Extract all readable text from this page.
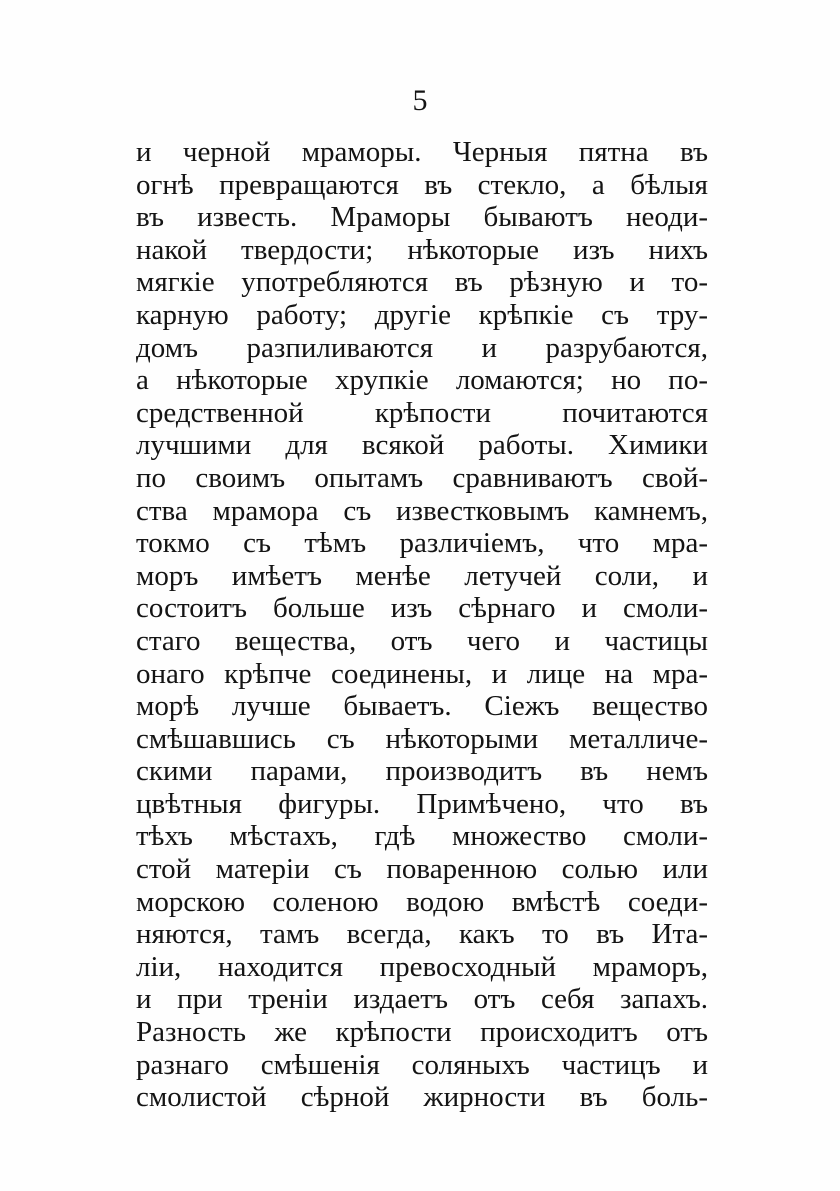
5
и черной мраморы. Черныя пятна въ
огнѣ превращаются въ стекло, а бѣлыя
въ известь. Мраморы бываютъ неоди-
накой твердости; нѣкоторые изъ нихъ
мягкіе употребляются въ рѣзную и то-
карную работу; другіе крѣпкіе съ тру-
домъ разпиливаются и разрубаются,
а нѣкоторые хрупкіе ломаются; но по-
средственной крѣпости почитаются
лучшими для всякой работы. Химики
по своимъ опытамъ сравниваютъ свой-
ства мрамора съ известковымъ камнемъ,
токмо съ тѣмъ различіемъ, что мра-
моръ имѣетъ менѣе летучей соли, и
состоитъ больше изъ сѣрнаго и смоли-
стаго вещества, отъ чего и частицы
онаго крѣпче соединены, и лице на мра-
морѣ лучше бываетъ. Сіежъ вещество
смѣшавшись съ нѣкоторыми металличе-
скими парами, производитъ въ немъ
цвѣтныя фигуры. Примѣчено, что въ
тѣхъ мѣстахъ, гдѣ множество смоли-
стой матеріи съ поваренною солью или
морскою соленою водою вмѣстѣ соеди-
няются, тамъ всегда, какъ то въ Ита-
ліи, находится превосходный мраморъ,
и при треніи издаетъ отъ себя запахъ.
Разность же крѣпости происходитъ отъ
разнаго смѣшенія соляныхъ частицъ и
смолистой сѣрной жирности въ боль-
